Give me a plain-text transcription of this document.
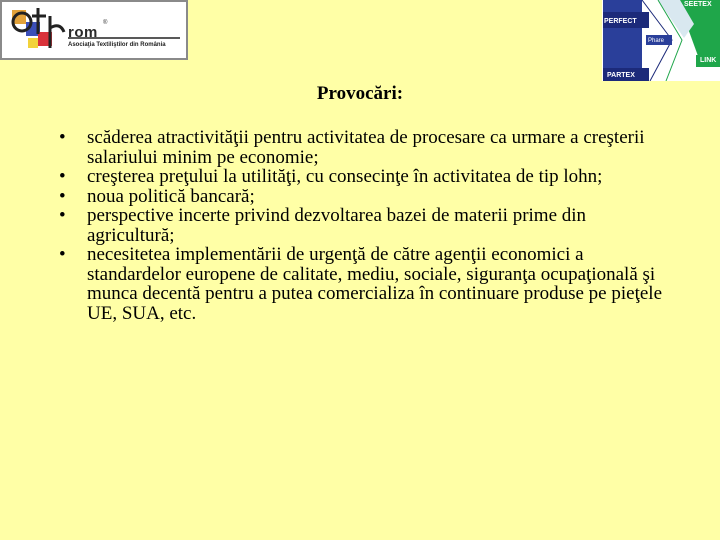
rom
®
Asociaţia Textiliştilor din România
SEETEX
PERFECT
Phare
PARTEX
LINK
Provocări:
• scăderea atractivităţii pentru activitatea de procesare ca urmare a creşterii salariului minim pe economie;
• creşterea preţului la utilităţi, cu consecinţe în activitatea de tip lohn;
• noua politică bancară;
• perspective incerte privind dezvoltarea bazei de materii prime din agricultură;
• necesitetea implementării de urgenţă de către agenţii economici a standardelor europene de calitate, mediu, sociale, siguranţa ocupaţională şi munca decentă pentru a putea comercializa în continuare produse pe pieţele UE, SUA, etc.
